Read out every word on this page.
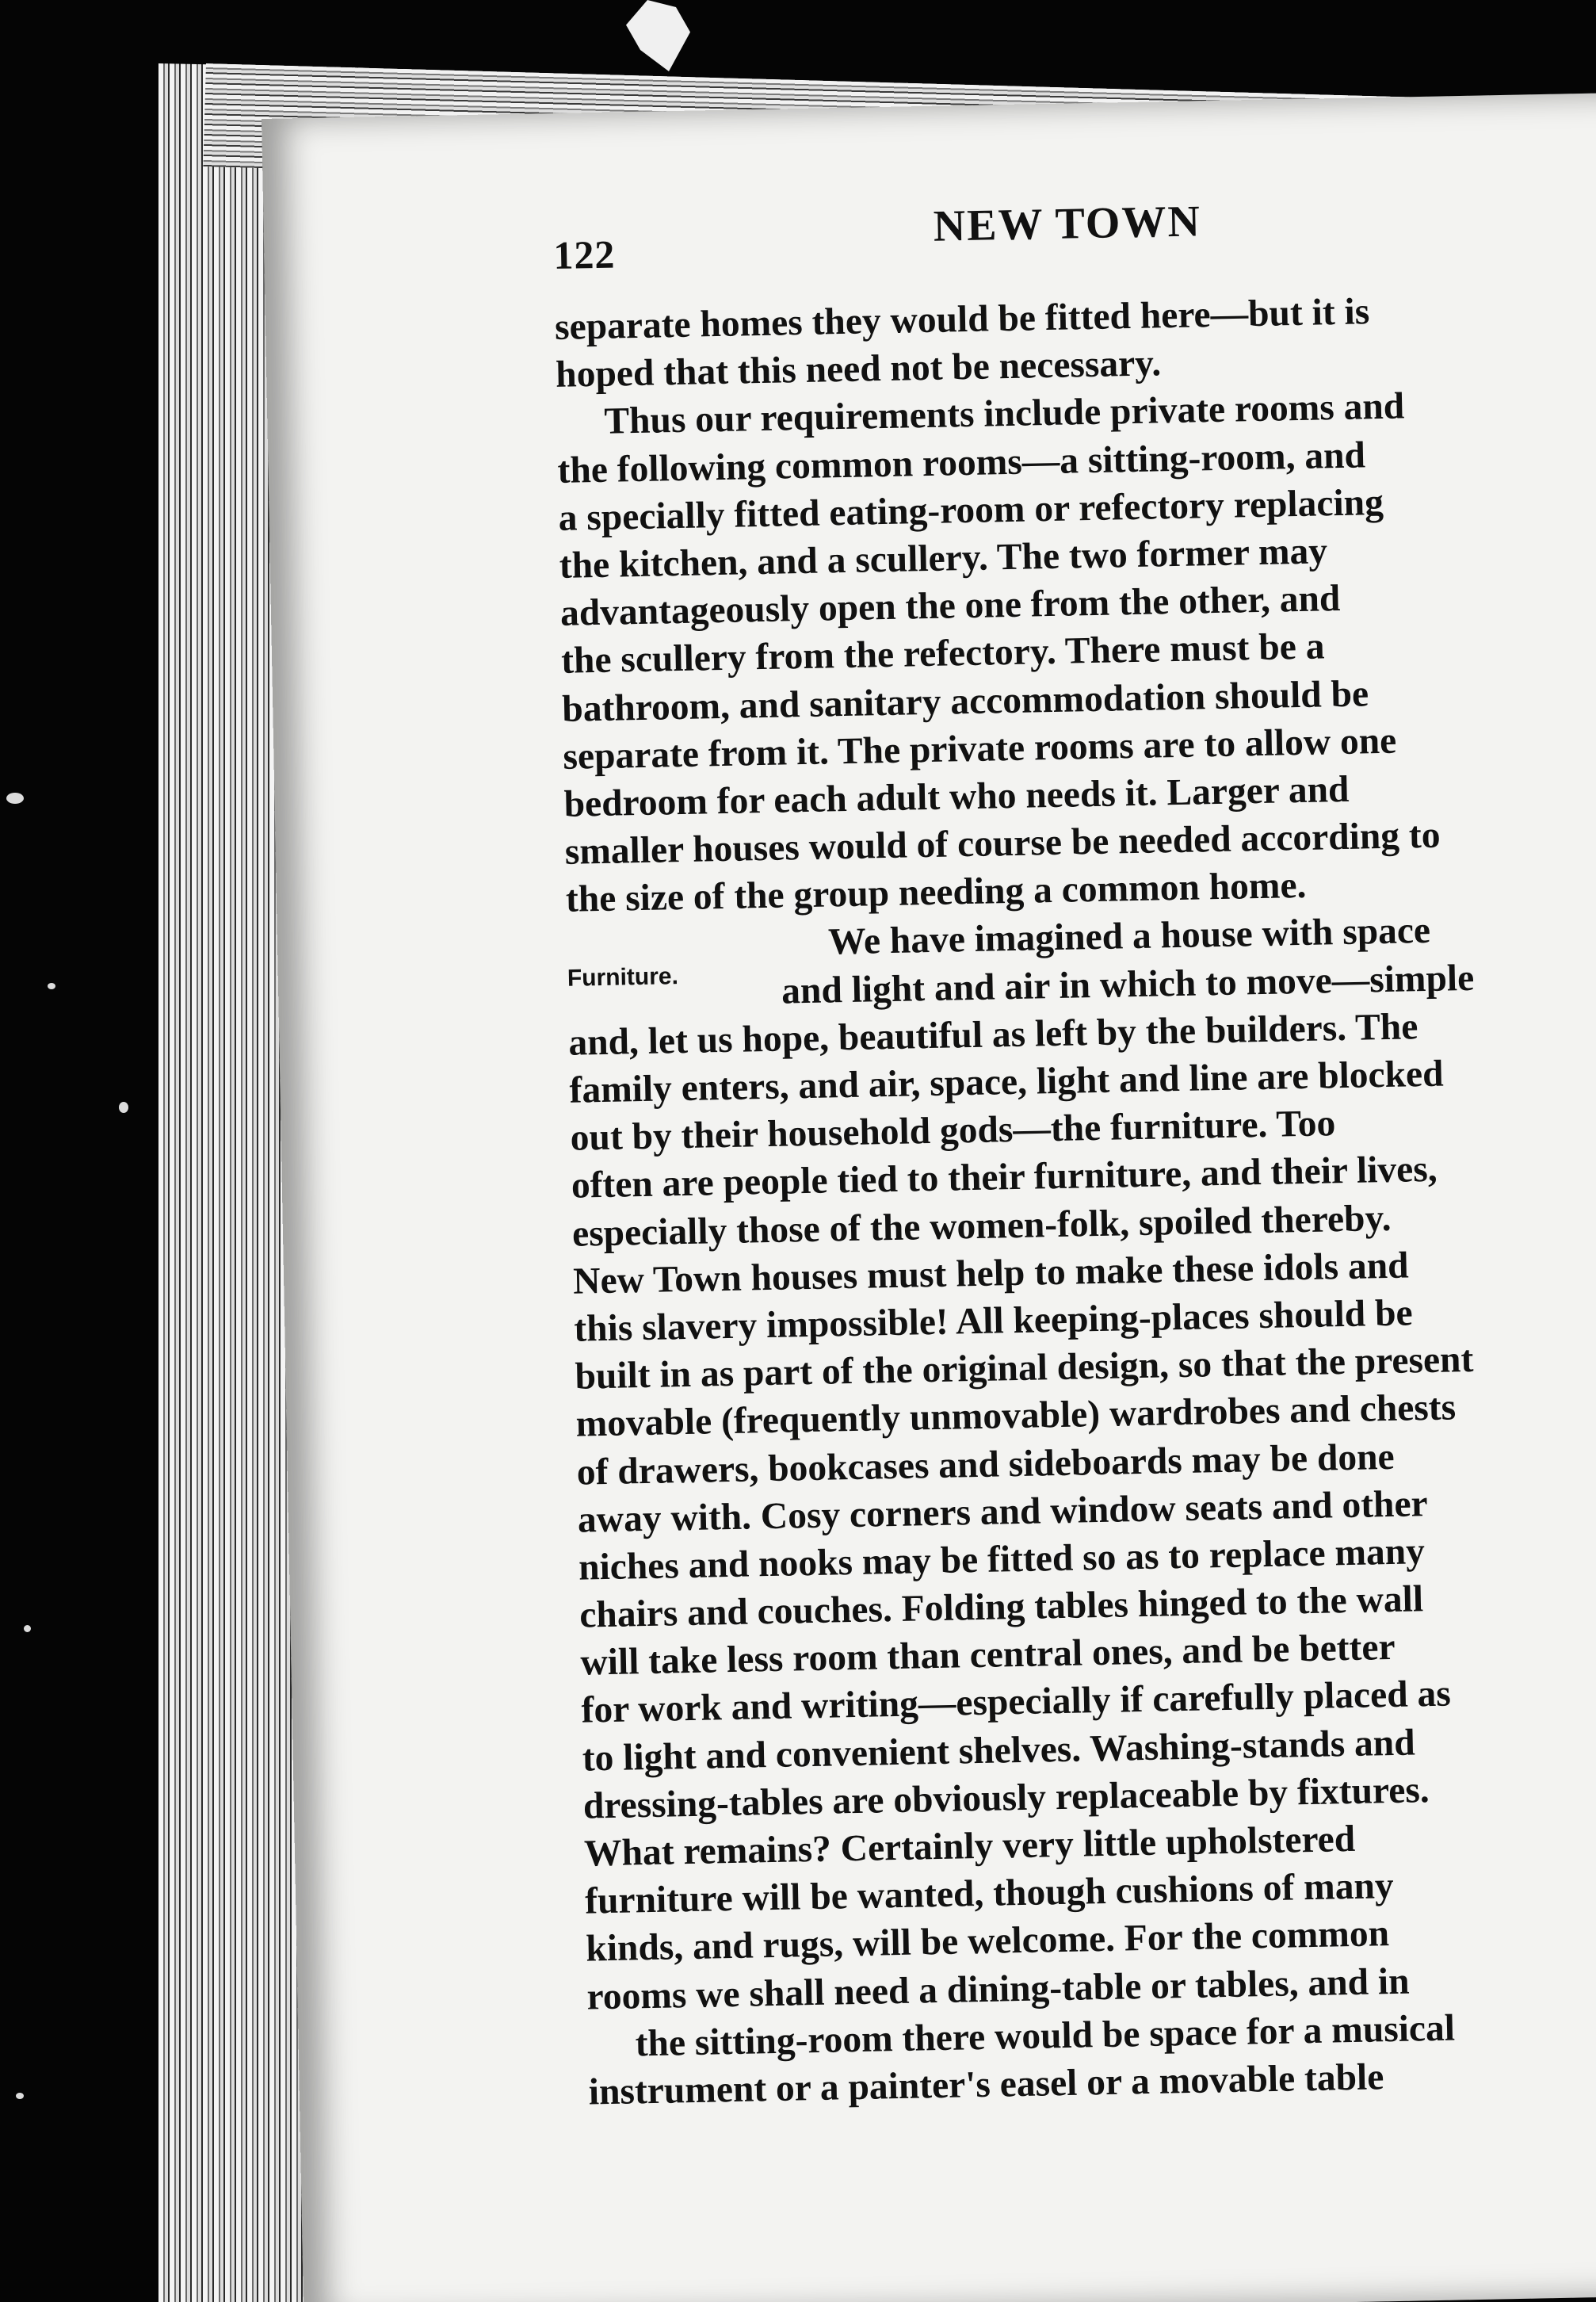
122
NEW TOWN
separate homes they would be fitted here—but it is
hoped that this need not be necessary.
Thus our requirements include private rooms and
the following common rooms—a sitting-room, and
a specially fitted eating-room or refectory replacing
the kitchen, and a scullery. The two former may
advantageously open the one from the other, and
the scullery from the refectory. There must be a
bathroom, and sanitary accommodation should be
separate from it. The private rooms are to allow one
bedroom for each adult who needs it. Larger and
smaller houses would of course be needed according to
the size of the group needing a common home.
Furniture.
We have imagined a house with space
and light and air in which to move—simple
and, let us hope, beautiful as left by the builders. The
family enters, and air, space, light and line are blocked
out by their household gods—the furniture. Too
often are people tied to their furniture, and their lives,
especially those of the women-folk, spoiled thereby.
New Town houses must help to make these idols and
this slavery impossible! All keeping-places should be
built in as part of the original design, so that the present
movable (frequently unmovable) wardrobes and chests
of drawers, bookcases and sideboards may be done
away with. Cosy corners and window seats and other
niches and nooks may be fitted so as to replace many
chairs and couches. Folding tables hinged to the wall
will take less room than central ones, and be better
for work and writing—especially if carefully placed as
to light and convenient shelves. Washing-stands and
dressing-tables are obviously replaceable by fixtures.
What remains? Certainly very little upholstered
furniture will be wanted, though cushions of many
kinds, and rugs, will be welcome. For the common
rooms we shall need a dining-table or tables, and in
the sitting-room there would be space for a musical
instrument or a painter's easel or a movable table
